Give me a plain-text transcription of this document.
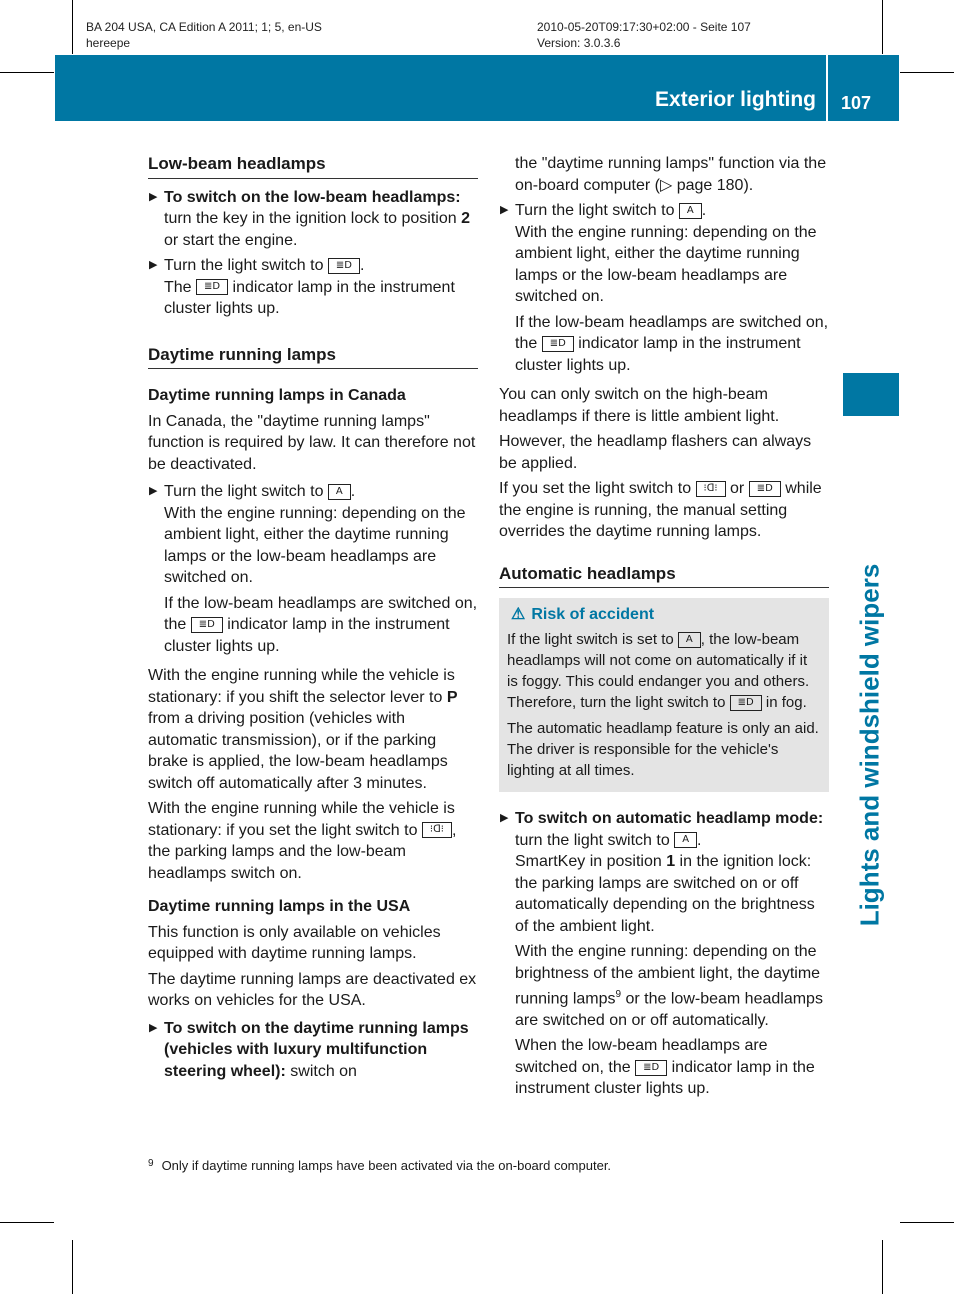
BA 204 USA, CA Edition A 2011; 1; 5, en-US
hereepe
2010-05-20T09:17:30+02:00 - Seite 107
Version: 3.0.3.6
Exterior lighting 107
Lights and windshield wipers
Low-beam headlamps
▶ To switch on the low-beam headlamps: turn the key in the ignition lock to position 2 or start the engine.
▶ Turn the light switch to ≣D .

The ≣D indicator lamp in the instrument cluster lights up.

Daytime running lamps
Daytime running lamps in Canada

In Canada, the "daytime running lamps" function is required by law. It can therefore not be deactivated.

▶ Turn the light switch to A .

With the engine running: depending on the ambient light, either the daytime running lamps or the low-beam headlamps are switched on.

If the low-beam headlamps are switched on, the ≣D indicator lamp in the instrument cluster lights up.

With the engine running while the vehicle is stationary: if you shift the selector lever to P from a driving position (vehicles with automatic transmission), or if the parking brake is applied, the low-beam headlamps switch off automatically after 3 minutes.

With the engine running while the vehicle is stationary: if you set the light switch to ⁝ᗡ⁝ , the parking lamps and the low-beam headlamps switch on.

Daytime running lamps in the USA

This function is only available on vehicles equipped with daytime running lamps.

The daytime running lamps are deactivated ex works on vehicles for the USA.

▶ To switch on the daytime running lamps (vehicles with luxury multifunction steering wheel): switch on

the "daytime running lamps" function via the on-board computer (▷ page 180).

▶ Turn the light switch to A .

With the engine running: depending on the ambient light, either the daytime running lamps or the low-beam headlamps are switched on.

If the low-beam headlamps are switched on, the ≣D indicator lamp in the instrument cluster lights up.

You can only switch on the high-beam headlamps if there is little ambient light.

However, the headlamp flashers can always be applied.

If you set the light switch to ⁝ᗡ⁝ or ≣D while the engine is running, the manual setting overrides the daytime running lamps.

Automatic headlamps
⚠ Risk of accident

If the light switch is set to A , the low-beam headlamps will not come on automatically if it is foggy. This could endanger you and others. Therefore, turn the light switch to ≣D in fog.

The automatic headlamp feature is only an aid. The driver is responsible for the vehicle's lighting at all times.

▶ To switch on automatic headlamp mode: turn the light switch to A .

SmartKey in position 1 in the ignition lock: the parking lamps are switched on or off automatically depending on the brightness of the ambient light.

With the engine running: depending on the brightness of the ambient light, the daytime running lamps$^9$ or the low-beam headlamps are switched on or off automatically.

When the low-beam headlamps are switched on, the ≣D indicator lamp in the instrument cluster lights up.

$^9$ Only if daytime running lamps have been activated via the on-board computer.
